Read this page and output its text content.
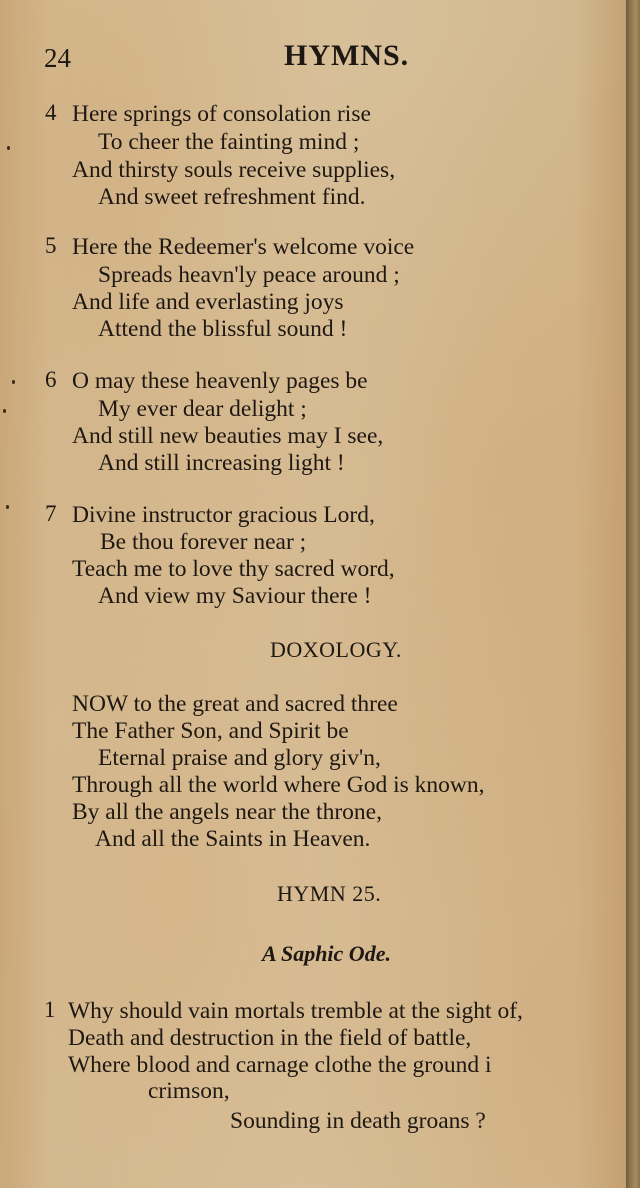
24	HYMNS.
4 Here springs of consolation rise
To cheer the fainting mind ;
And thirsty souls receive supplies,
And sweet refreshment find.
5 Here the Redeemer's welcome voice
Spreads heavn'ly peace around ;
And life and everlasting joys
Attend the blissful sound !
6 O may these heavenly pages be
My ever dear delight ;
And still new beauties may I see,
And still increasing light !
7 Divine instructor gracious Lord,
Be thou forever near ;
Teach me to love thy sacred word,
And view my Saviour there !
DOXOLOGY.
NOW to the great and sacred three
The Father Son, and Spirit be
Eternal praise and glory giv'n,
Through all the world where God is known,
By all the angels near the throne,
And all the Saints in Heaven.
HYMN 25.
A Saphic Ode.
1 Why should vain mortals tremble at the sight of,
Death and destruction in the field of battle,
Where blood and carnage clothe the ground i
crimson,
Sounding in death groans ?
